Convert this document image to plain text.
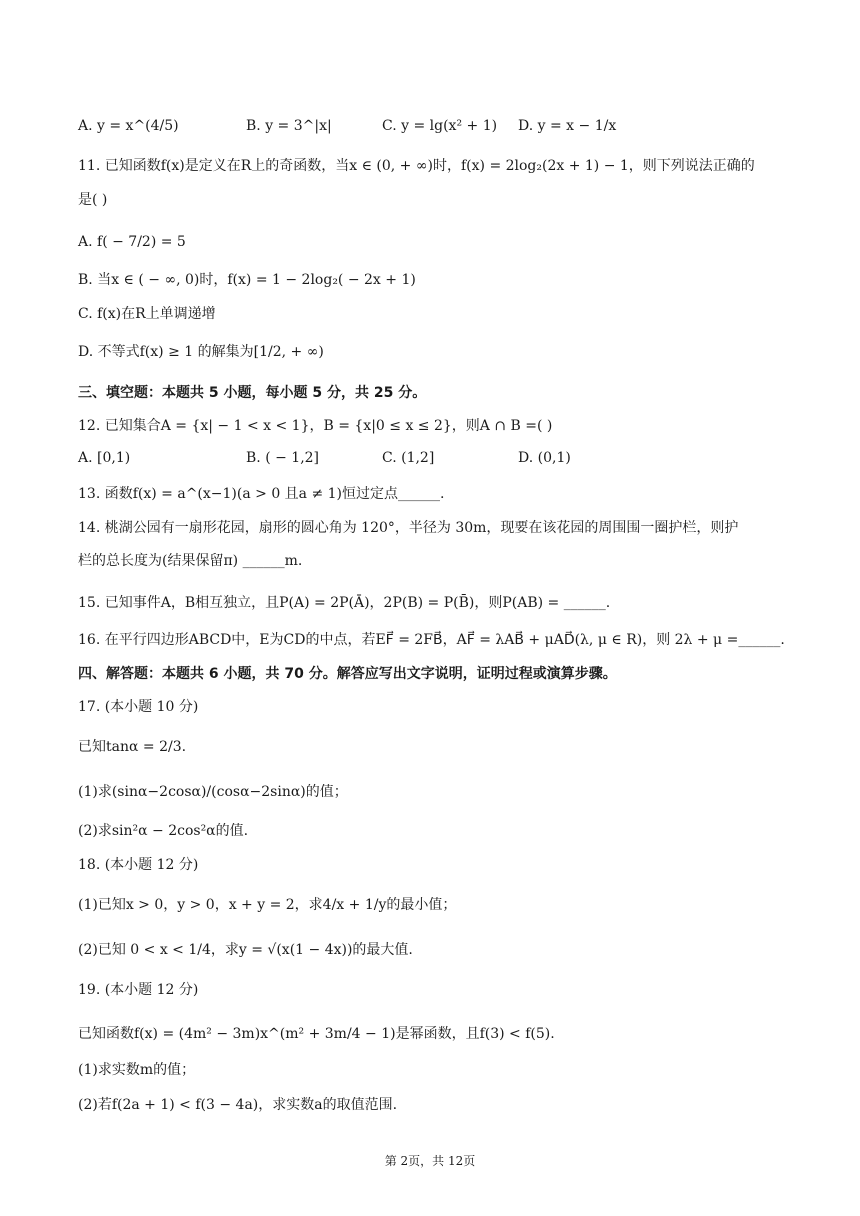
A. y = x^(4/5)	B. y = 3^|x|	C. y = lg(x² + 1) D. y = x − 1/x
11. 已知函数f(x)是定义在R上的奇函数，当x ∈ (0, + ∞)时，f(x) = 2log₂(2x + 1) − 1，则下列说法正确的
是( )
A. f( − 7/2) = 5
B. 当x ∈ ( − ∞, 0)时，f(x) = 1 − 2log₂( − 2x + 1)
C. f(x)在R上单调递增
D. 不等式f(x) ≥ 1 的解集为[1/2, + ∞)
三、填空题：本题共 5 小题，每小题 5 分，共 25 分。
12. 已知集合A = {x| − 1 < x < 1}，B = {x|0 ≤ x ≤ 2}，则A ∩ B =( )
A. [0,1)	B. ( − 1,2]	C. (1,2]	D. (0,1)
13. 函数f(x) = a^(x−1)(a > 0 且a ≠ 1)恒过定点______.
14. 桃湖公园有一扇形花园，扇形的圆心角为 120°，半径为 30m，现要在该花园的周围围一圈护栏，则护
栏的总长度为(结果保留π) ______m.
15. 已知事件A，B相互独立，且P(A) = 2P(Ā)，2P(B) = P(B̄)，则P(AB) = ______.
16. 在平行四边形ABCD中，E为CD的中点，若EF⃗ = 2FB⃗，AF⃗ = λAB⃗ + μAD⃗(λ, μ ∈ R)，则 2λ + μ =______.
四、解答题：本题共 6 小题，共 70 分。解答应写出文字说明，证明过程或演算步骤。
17. (本小题 10 分)
已知tanα = 2/3.
(1)求(sinα−2cosα)/(cosα−2sinα)的值；
(2)求sin²α − 2cos²α的值.
18. (本小题 12 分)
(1)已知x > 0，y > 0，x + y = 2，求4/x + 1/y的最小值；
(2)已知 0 < x < 1/4，求y = √(x(1 − 4x))的最大值.
19. (本小题 12 分)
已知函数f(x) = (4m² − 3m)x^(m² + 3m/4 − 1)是幂函数，且f(3) < f(5).
(1)求实数m的值；
(2)若f(2a + 1) < f(3 − 4a)，求实数a的取值范围.
第 2页，共 12页
